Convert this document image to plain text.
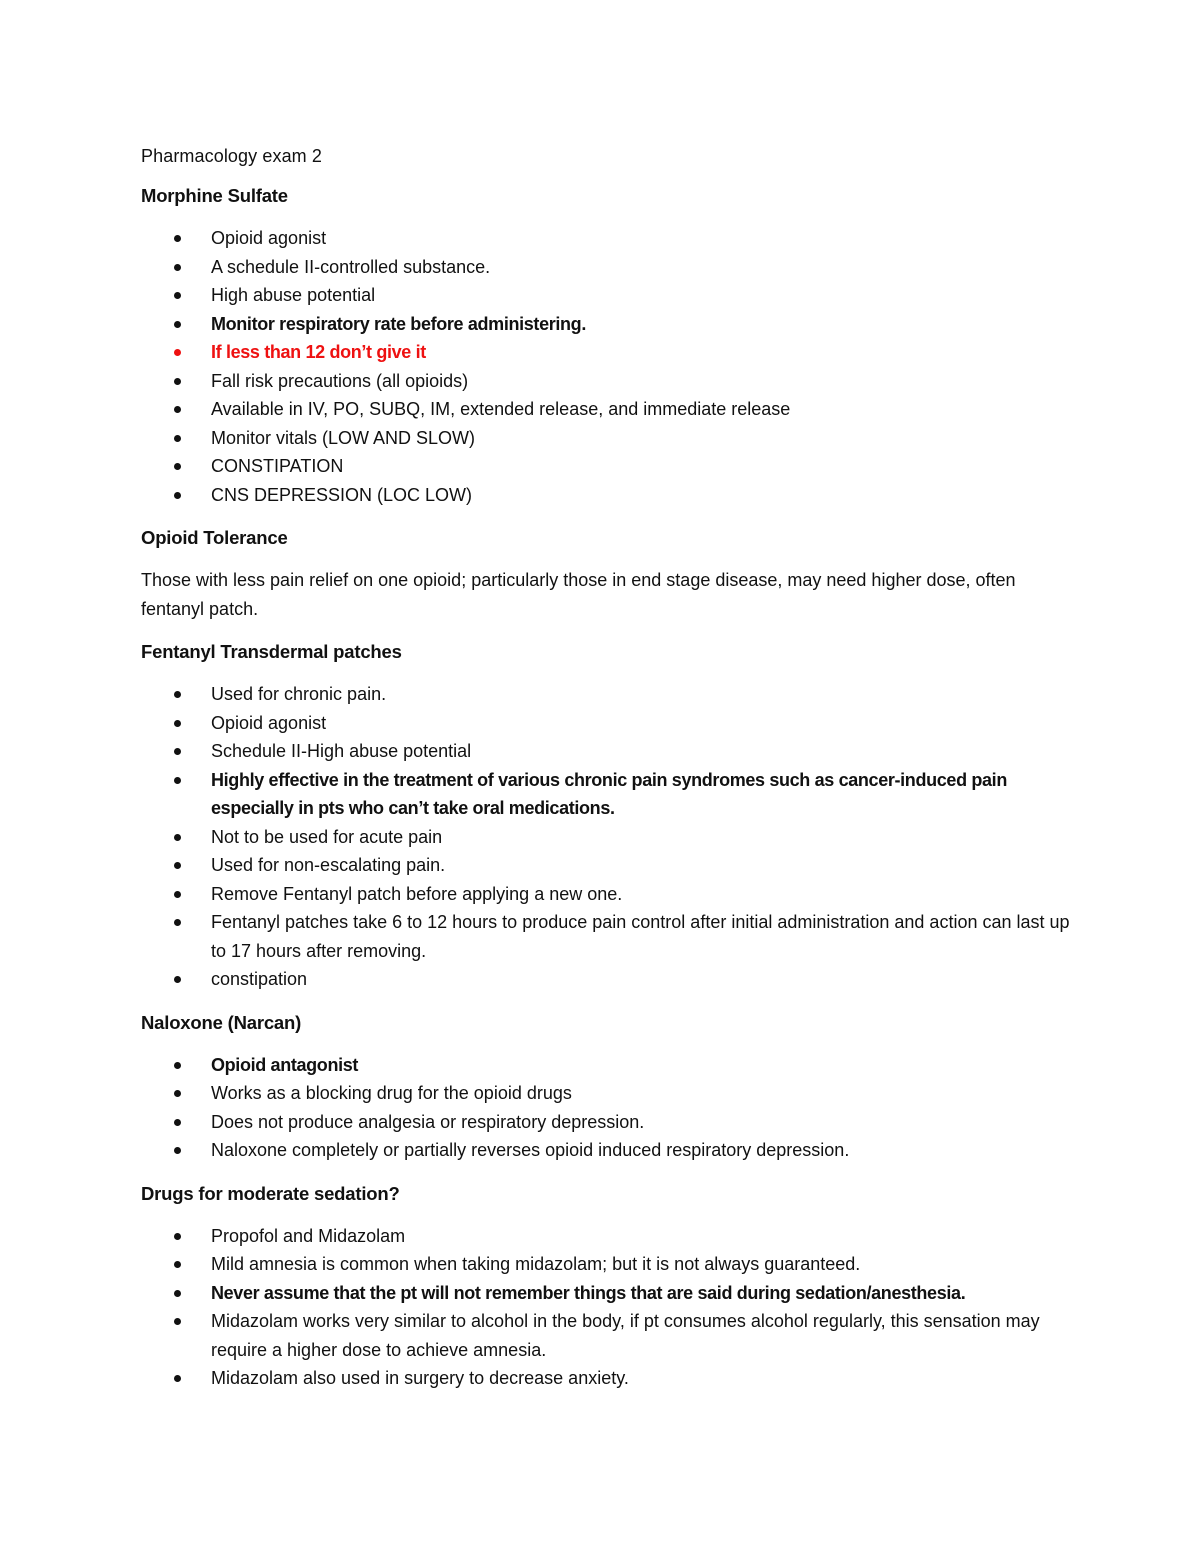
Pharmacology exam 2
Morphine Sulfate
Opioid agonist
A schedule II-controlled substance.
High abuse potential
Monitor respiratory rate before administering.
If less than 12 don’t give it
Fall risk precautions (all opioids)
Available in IV, PO, SUBQ, IM, extended release, and immediate release
Monitor vitals (LOW AND SLOW)
CONSTIPATION
CNS DEPRESSION (LOC LOW)
Opioid Tolerance
Those with less pain relief on one opioid; particularly those in end stage disease, may need higher dose, often fentanyl patch.
Fentanyl Transdermal patches
Used for chronic pain.
Opioid agonist
Schedule II-High abuse potential
Highly effective in the treatment of various chronic pain syndromes such as cancer-induced pain especially in pts who can’t take oral medications.
Not to be used for acute pain
Used for non-escalating pain.
Remove Fentanyl patch before applying a new one.
Fentanyl patches take 6 to 12 hours to produce pain control after initial administration and action can last up to 17 hours after removing.
constipation
Naloxone (Narcan)
Opioid antagonist
Works as a blocking drug for the opioid drugs
Does not produce analgesia or respiratory depression.
Naloxone completely or partially reverses opioid induced respiratory depression.
Drugs for moderate sedation?
Propofol and Midazolam
Mild amnesia is common when taking midazolam; but it is not always guaranteed.
Never assume that the pt will not remember things that are said during sedation/anesthesia.
Midazolam works very similar to alcohol in the body, if pt consumes alcohol regularly, this sensation may require a higher dose to achieve amnesia.
Midazolam also used in surgery to decrease anxiety.
